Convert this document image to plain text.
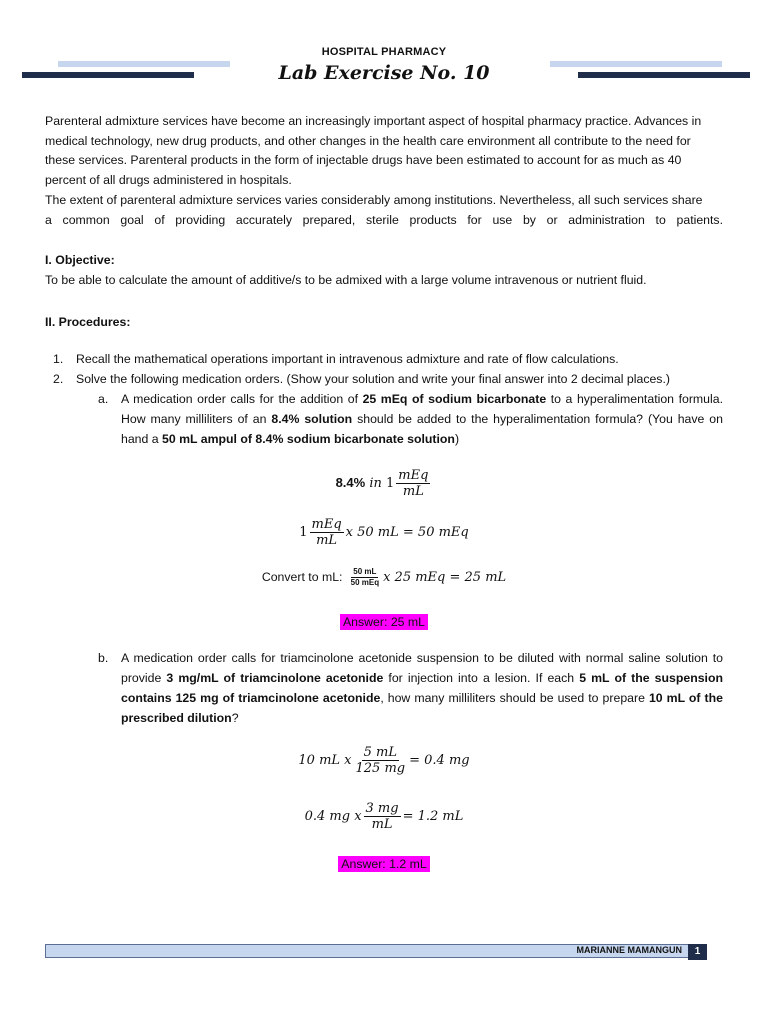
HOSPITAL PHARMACY
Lab Exercise No. 10
Parenteral admixture services have become an increasingly important aspect of hospital pharmacy practice. Advances in medical technology, new drug products, and other changes in the health care environment all contribute to the need for these services. Parenteral products in the form of injectable drugs have been estimated to account for as much as 40 percent of all drugs administered in hospitals.
The extent of parenteral admixture services varies considerably among institutions. Nevertheless, all such services share
a common goal of providing accurately prepared, sterile products for use by or administration to patients.
I. Objective:
To be able to calculate the amount of additive/s to be admixed with a large volume intravenous or nutrient fluid.
II. Procedures:
1. Recall the mathematical operations important in intravenous admixture and rate of flow calculations.
2. Solve the following medication orders. (Show your solution and write your final answer into 2 decimal places.)
a. A medication order calls for the addition of 25 mEq of sodium bicarbonate to a hyperalimentation formula. How many milliliters of an 8.4% solution should be added to the hyperalimentation formula? (You have on hand a 50 mL ampul of 8.4% sodium bicarbonate solution)
8.4% in $1 \frac{\text{mEq}}{mL}$
$1 \frac{\text{mEq}}{mL}$ x 50 mL = 50 mEq
Convert to mL: $\frac{50 mL}{\text{50 mEq}}$ x 25 mEq = 25 mL
Answer: 25 mL
b. A medication order calls for triamcinolone acetonide suspension to be diluted with normal saline solution to provide 3 mg/mL of triamcinolone acetonide for injection into a lesion. If each 5 mL of the suspension contains 125 mg of triamcinolone acetonide, how many milliliters should be used to prepare 10 mL of the prescribed dilution?
10 mL x $\frac{5 mL}{125 mg} = 0.4$ mg
0.4 mg x $\frac{3 mg}{mL} = 1.2$ mL
Answer: 1.2 mL
MARIANNE MAMANGUN	1
